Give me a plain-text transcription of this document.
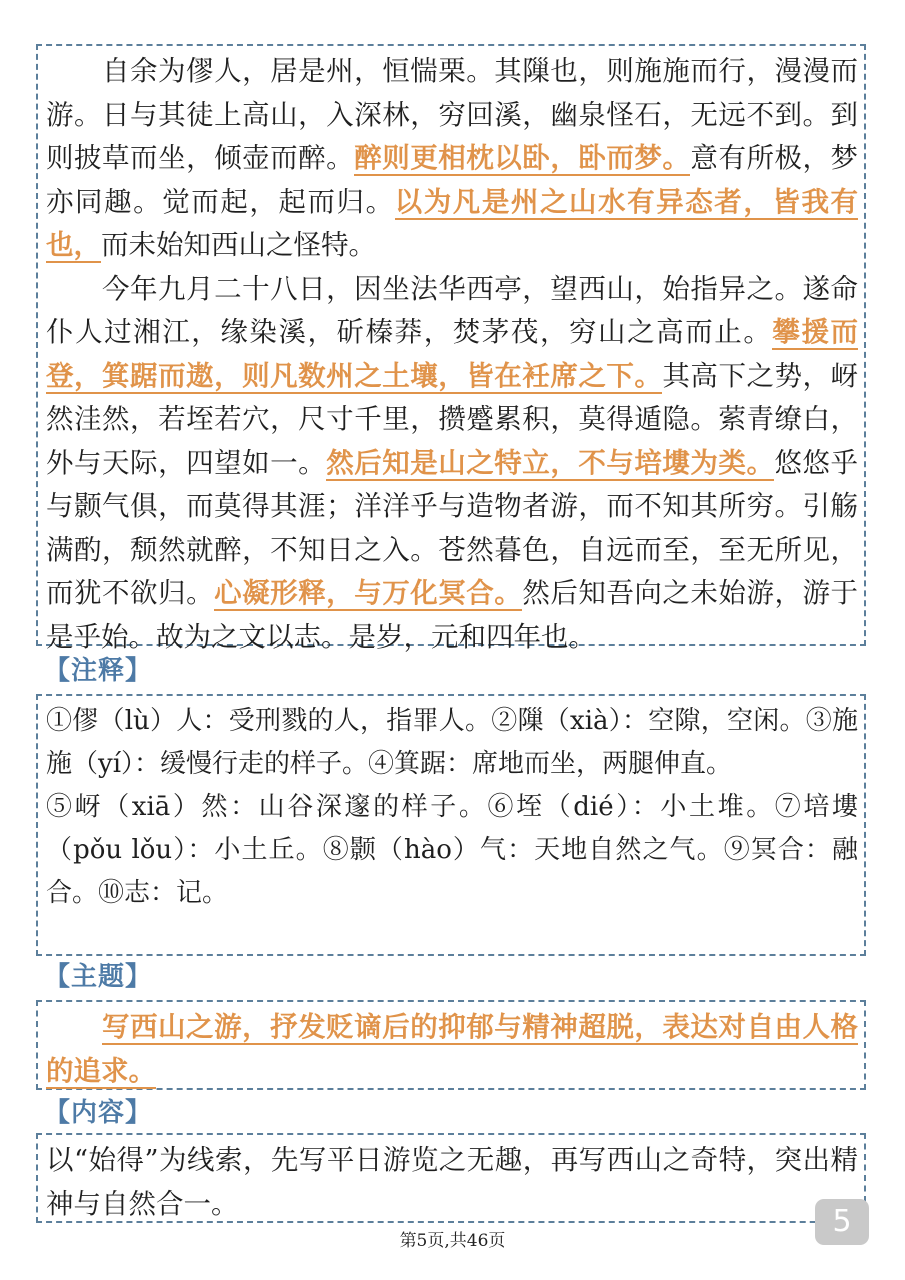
自余为僇人，居是州，恒惴栗。其隟也，则施施而行，漫漫而游。日与其徒上高山，入深林，穷回溪，幽泉怪石，无远不到。到则披草而坐，倾壶而醉。醉则更相枕以卧，卧而梦。意有所极，梦亦同趣。觉而起，起而归。以为凡是州之山水有异态者，皆我有也，而未始知西山之怪特。

今年九月二十八日，因坐法华西亭，望西山，始指异之。遂命仆人过湘江，缘染溪，斫榛莽，焚茅茷，穷山之高而止。攀援而登，箕踞而遨，则凡数州之土壤，皆在衽席之下。其高下之势，岈然洼然，若垤若穴，尺寸千里，攒蹙累积，莫得遁隐。萦青缭白，外与天际，四望如一。然后知是山之特立，不与培塿为类。悠悠乎与颢气俱，而莫得其涯；洋洋乎与造物者游，而不知其所穷。引觞满酌，颓然就醉，不知日之入。苍然暮色，自远而至，至无所见，而犹不欲归。心凝形释，与万化冥合。然后知吾向之未始游，游于是乎始。故为之文以志。是岁，元和四年也。

【注释】

①僇（lù）人：受刑戮的人，指罪人。②隟（xià）：空隙，空闲。③施施（yí）：缓慢行走的样子。④箕踞：席地而坐，两腿伸直。

⑤岈（xiā）然：山谷深邃的样子。⑥垤（dié）：小土堆。⑦培塿（pǒu lǒu）：小土丘。⑧颢（hào）气：天地自然之气。⑨冥合：融合。⑩志：记。

【主题】

写西山之游，抒发贬谪后的抑郁与精神超脱，表达对自由人格的追求。

【内容】

以“始得”为线索，先写平日游览之无趣，再写西山之奇特，突出精神与自然合一。

第5页,共46页
5
